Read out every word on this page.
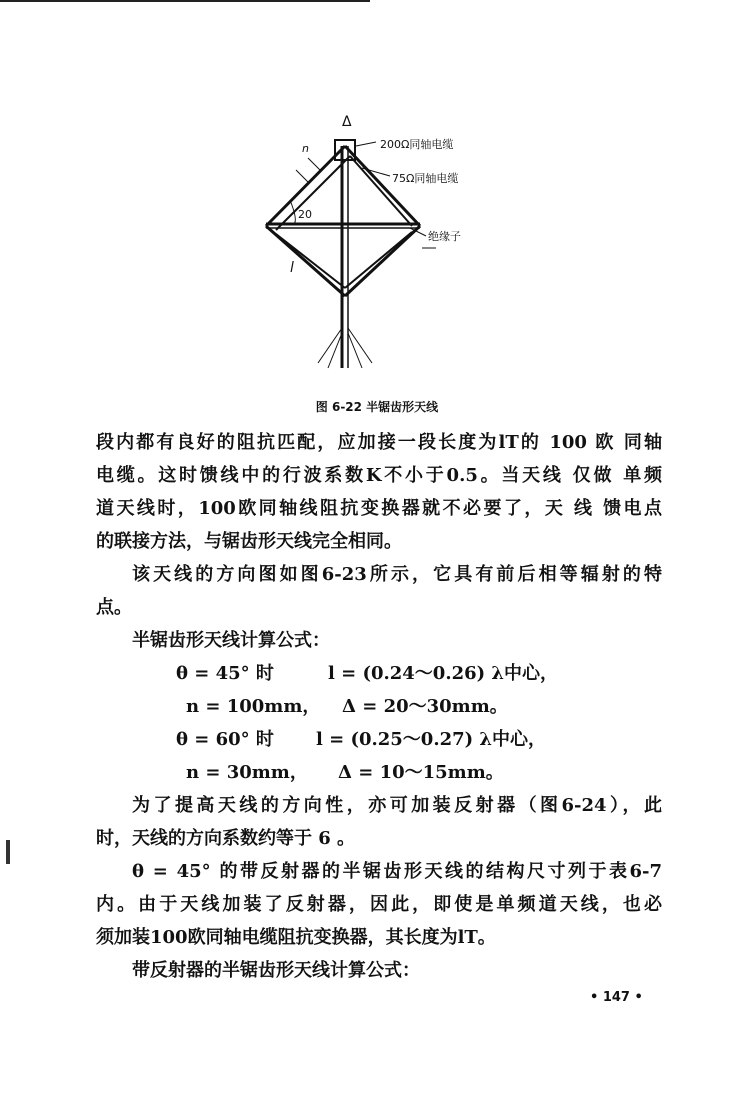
Δ
200Ω同轴电缆
75Ω同轴电缆
绝缘子
n
20
l
图 6-22 半锯齿形天线
段内都有良好的阻抗匹配，应加接一段长度为lT的 100 欧 同轴
电缆。这时馈线中的行波系数K不小于0.5。当天线 仅做 单频
道天线时，100欧同轴线阻抗变换器就不必要了，天 线 馈电点
的联接方法，与锯齿形天线完全相同。
该天线的方向图如图6-23所示，它具有前后相等辐射的特
点。
半锯齿形天线计算公式：
θ = 45° 时	l = (0.24～0.26) λ中心，
n = 100mm， Δ = 20～30mm。
θ = 60° 时 l = (0.25～0.27) λ中心，
n = 30mm， Δ = 10～15mm。
为了提高天线的方向性，亦可加装反射器（图6-24），此
时，天线的方向系数约等于 6 。
θ = 45° 的带反射器的半锯齿形天线的结构尺寸列于表6-7
内。由于天线加装了反射器，因此，即使是单频道天线，也必
须加装100欧同轴电缆阻抗变换器，其长度为lT。
带反射器的半锯齿形天线计算公式：
• 147 •
